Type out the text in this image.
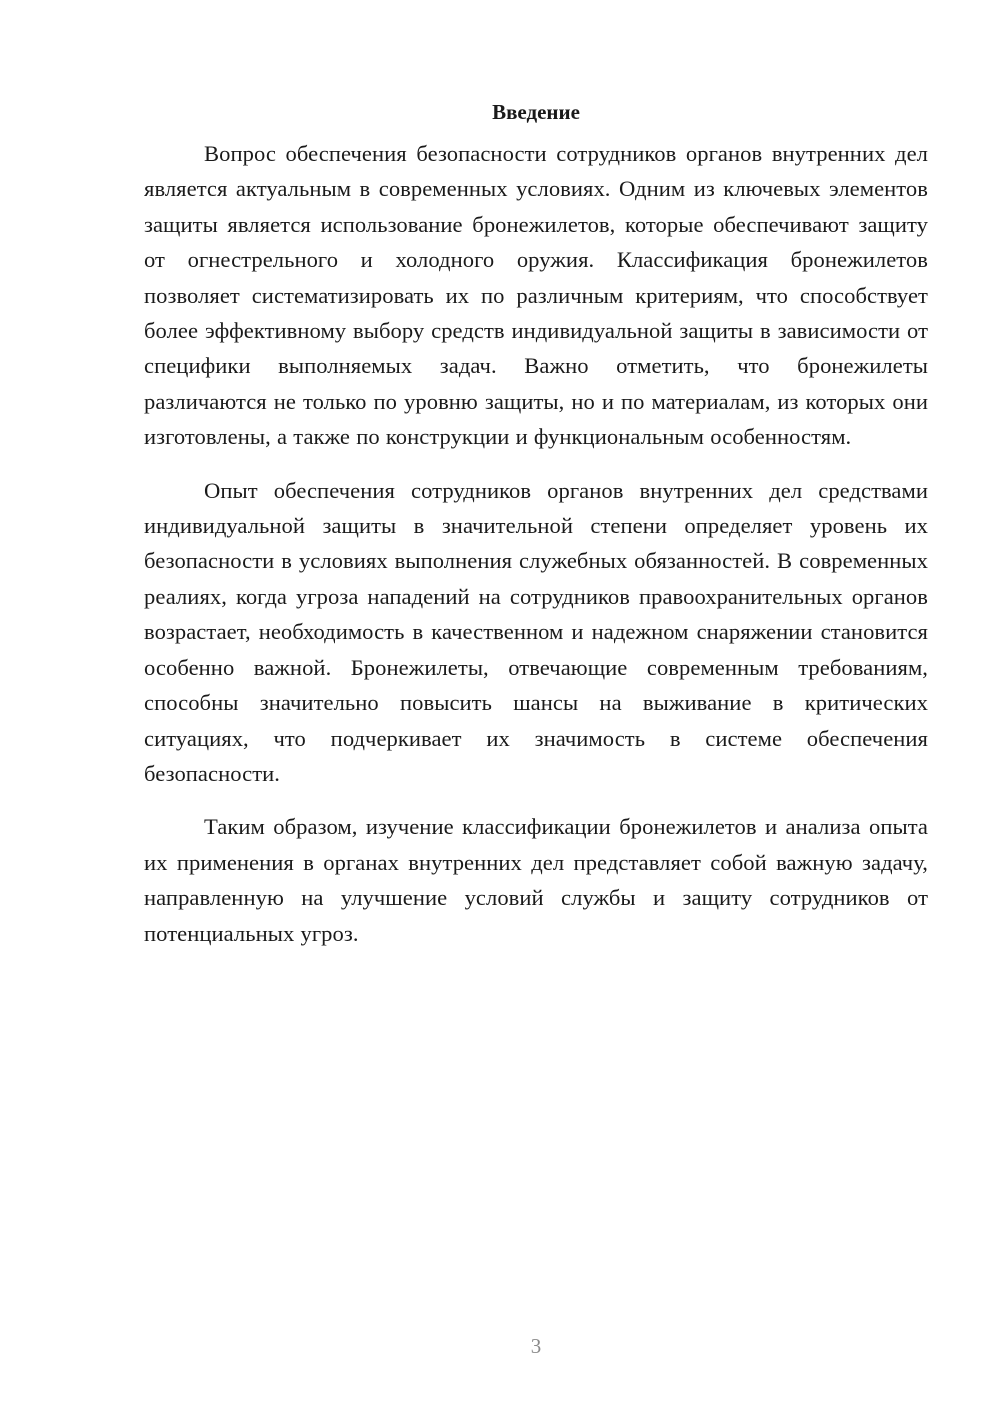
Введение

Вопрос обеспечения безопасности сотрудников органов внутренних дел является актуальным в современных условиях. Одним из ключевых элементов защиты является использование бронежилетов, которые обеспечивают защиту от огнестрельного и холодного оружия. Классификация бронежилетов позволяет систематизировать их по различным критериям, что способствует более эффективному выбору средств индивидуальной защиты в зависимости от специфики выполняемых задач. Важно отметить, что бронежилеты различаются не только по уровню защиты, но и по материалам, из которых они изготовлены, а также по конструкции и функциональным особенностям.

Опыт обеспечения сотрудников органов внутренних дел средствами индивидуальной защиты в значительной степени определяет уровень их безопасности в условиях выполнения служебных обязанностей. В современных реалиях, когда угроза нападений на сотрудников правоохранительных органов возрастает, необходимость в качественном и надежном снаряжении становится особенно важной. Бронежилеты, отвечающие современным требованиям, способны значительно повысить шансы на выживание в критических ситуациях, что подчеркивает их значимость в системе обеспечения безопасности.

Таким образом, изучение классификации бронежилетов и анализа опыта их применения в органах внутренних дел представляет собой важную задачу, направленную на улучшение условий службы и защиту сотрудников от потенциальных угроз.

3
